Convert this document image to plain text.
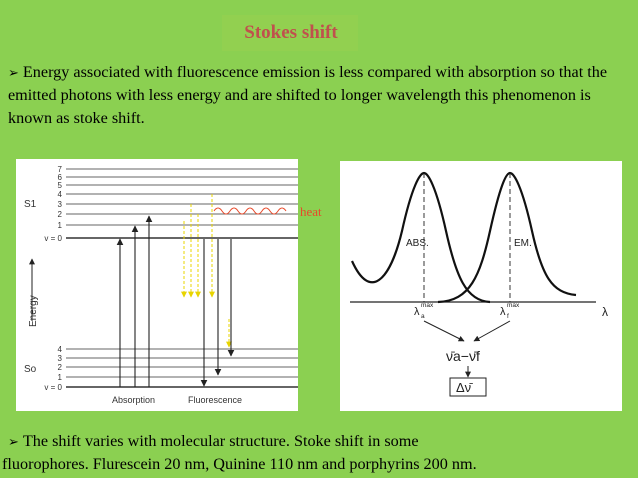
Stokes shift
➢ Energy associated with fluorescence emission is less compared with absorption so that the emitted photons with less energy and are shifted to longer wavelength this phenomenon is known as stoke shift.
7
6
5
4
3
2
1
v = 0
S1
4
3
2
1
v = 0
So
Energy
Absorption	Fluorescence
heat
λ
ABS.	EM.
λ
max
a	λ
max
f
ν̄a−ν̄f
Δν̄
➢ The shift varies with molecular structure. Stoke shift in some
fluorophores. Flurescein 20 nm, Quinine 110 nm and porphyrins 200 nm.
